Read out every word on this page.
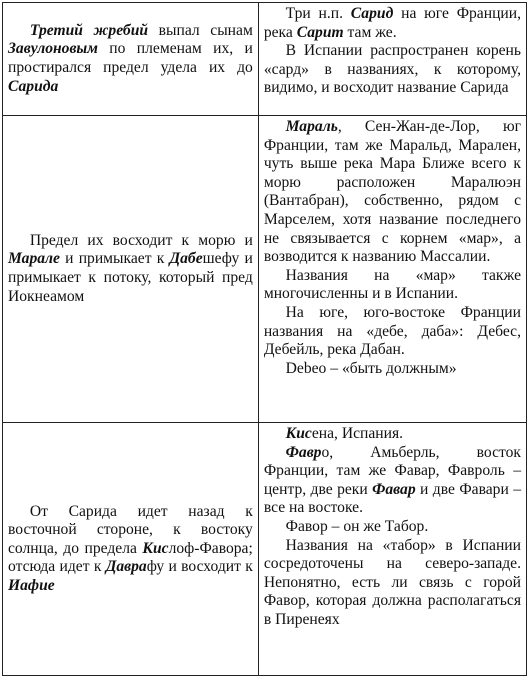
Третий жребий выпал сынам Завулоновым по племенам их, и простирался предел удела их до Сарида	Три н.п. Сарид на юге Франции, река Сарит там же.

В Испании распространен корень «сард» в названиях, к которому, видимо, и восходит название Сарида

Предел их восходит к морю и Марале и примыкает к Дабешефу и примыкает к потоку, который пред Иокнеамом	Мараль, Сен-Жан-де-Лор, юг Франции, там же Маральд, Марален, чуть выше река Мара Ближе всего к морю расположен Маралюэн (Вантабран), собственно, рядом с Марселем, хотя название последнего не связывается с корнем «мар», а возводится к названию Массалии.

Названия на «мар» также многочисленны и в Испании.

На юге, юго-востоке Франции названия на «дебе, даба»: Дебес, Дебейль, река Дабан.

Debeo – «быть должным»

От Сарида идет назад к восточной стороне, к востоку солнца, до предела Кислоф-Фавора; отсюда идет к Даврафу и восходит к Иафие	Кисена, Испания.

Фавро, Амьберль, восток Франции, там же Фавар, Фавроль – центр, две реки Фавар и две Фавари – все на востоке.

Фавор – он же Табор.

Названия на «табор» в Испании сосредоточены на северо-западе. Непонятно, есть ли связь с горой Фавор, которая должна располагаться в Пиренеях
